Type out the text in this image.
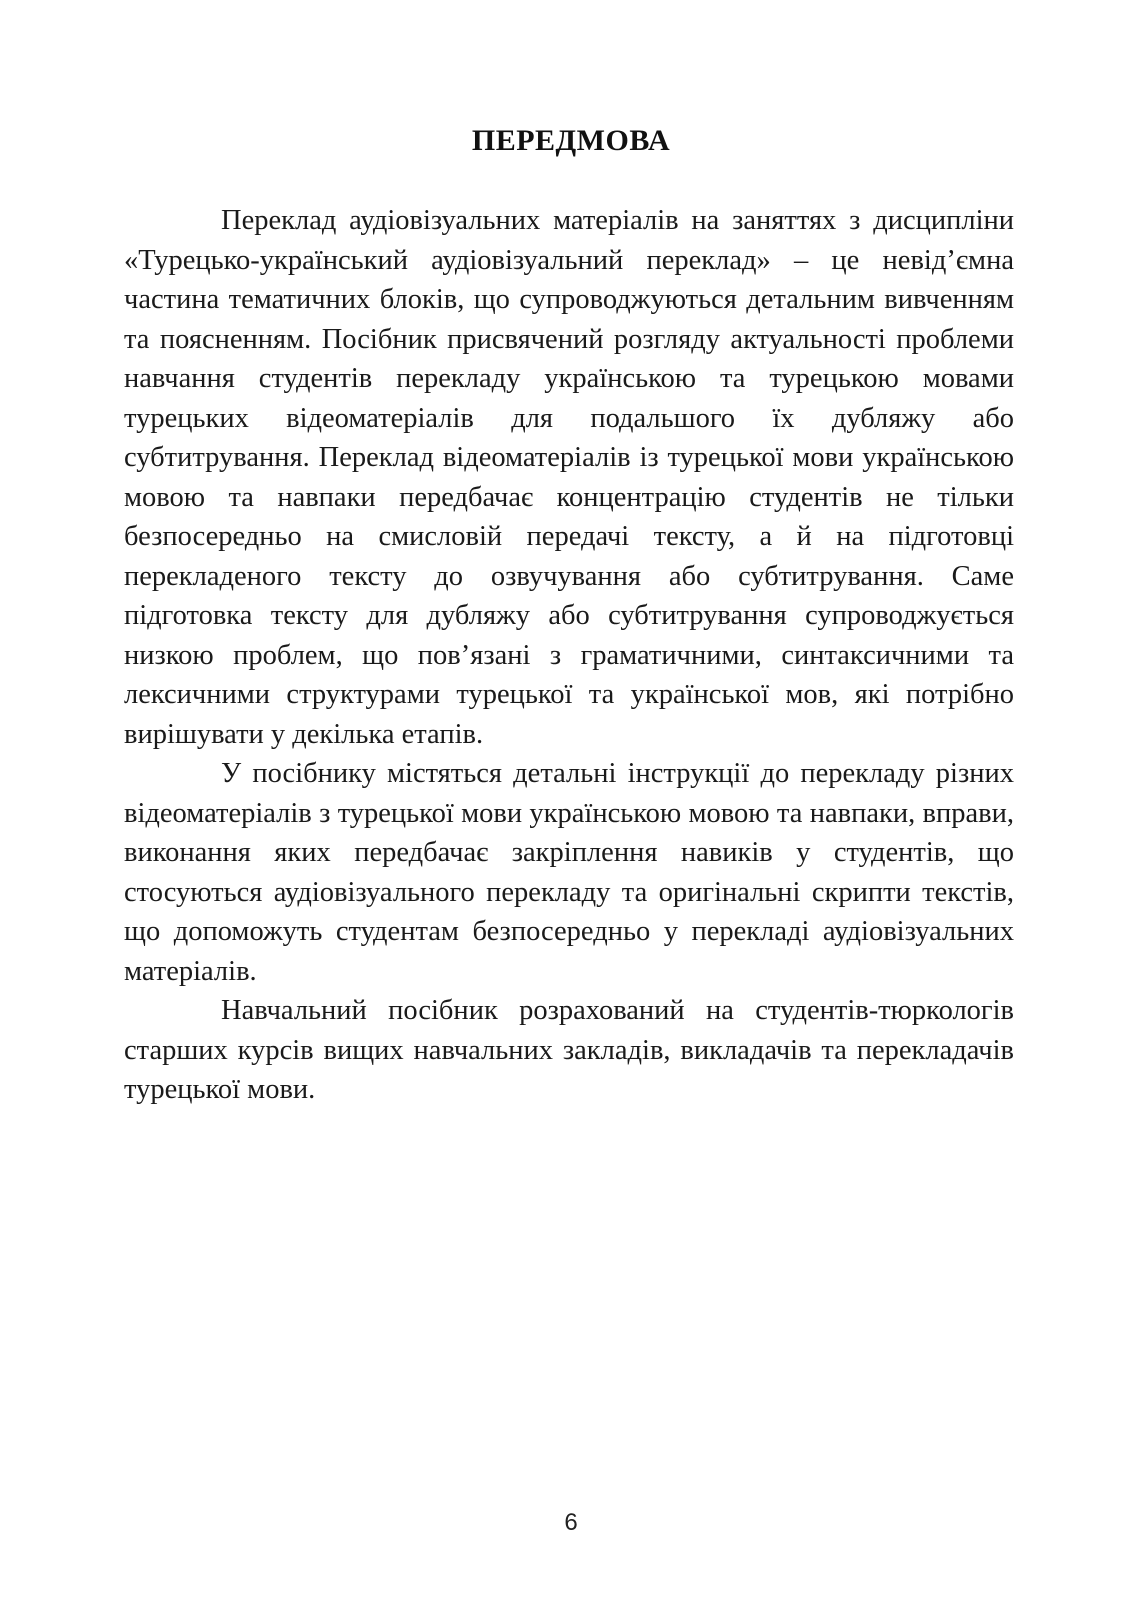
ПЕРЕДМОВА

Переклад аудіовізуальних матеріалів на заняттях з дисципліни «Турецько-український аудіовізуальний переклад» – це невід’ємна частина тематичних блоків, що супроводжуються детальним вивченням та поясненням. Посібник присвячений розгляду актуальності проблеми навчання студентів перекладу українською та турецькою мовами турецьких відеоматеріалів для подальшого їх дубляжу або субтитрування. Переклад відеоматеріалів із турецької мови українською мовою та навпаки передбачає концентрацію студентів не тільки безпосередньо на смисловій передачі тексту, а й на підготовці перекладеного тексту до озвучування або субтитрування. Саме підготовка тексту для дубляжу або субтитрування супроводжується низкою проблем, що пов’язані з граматичними, синтаксичними та лексичними структурами турецької та української мов, які потрібно вирішувати у декілька етапів.

У посібнику містяться детальні інструкції до перекладу різних відеоматеріалів з турецької мови українською мовою та навпаки, вправи, виконання яких передбачає закріплення навиків у студентів, що стосуються аудіовізуального перекладу та оригінальні скрипти текстів, що допоможуть студентам безпосередньо у перекладі аудіовізуальних матеріалів.

Навчальний посібник розрахований на студентів-тюркологів старших курсів вищих навчальних закладів, викладачів та перекладачів турецької мови.

6
